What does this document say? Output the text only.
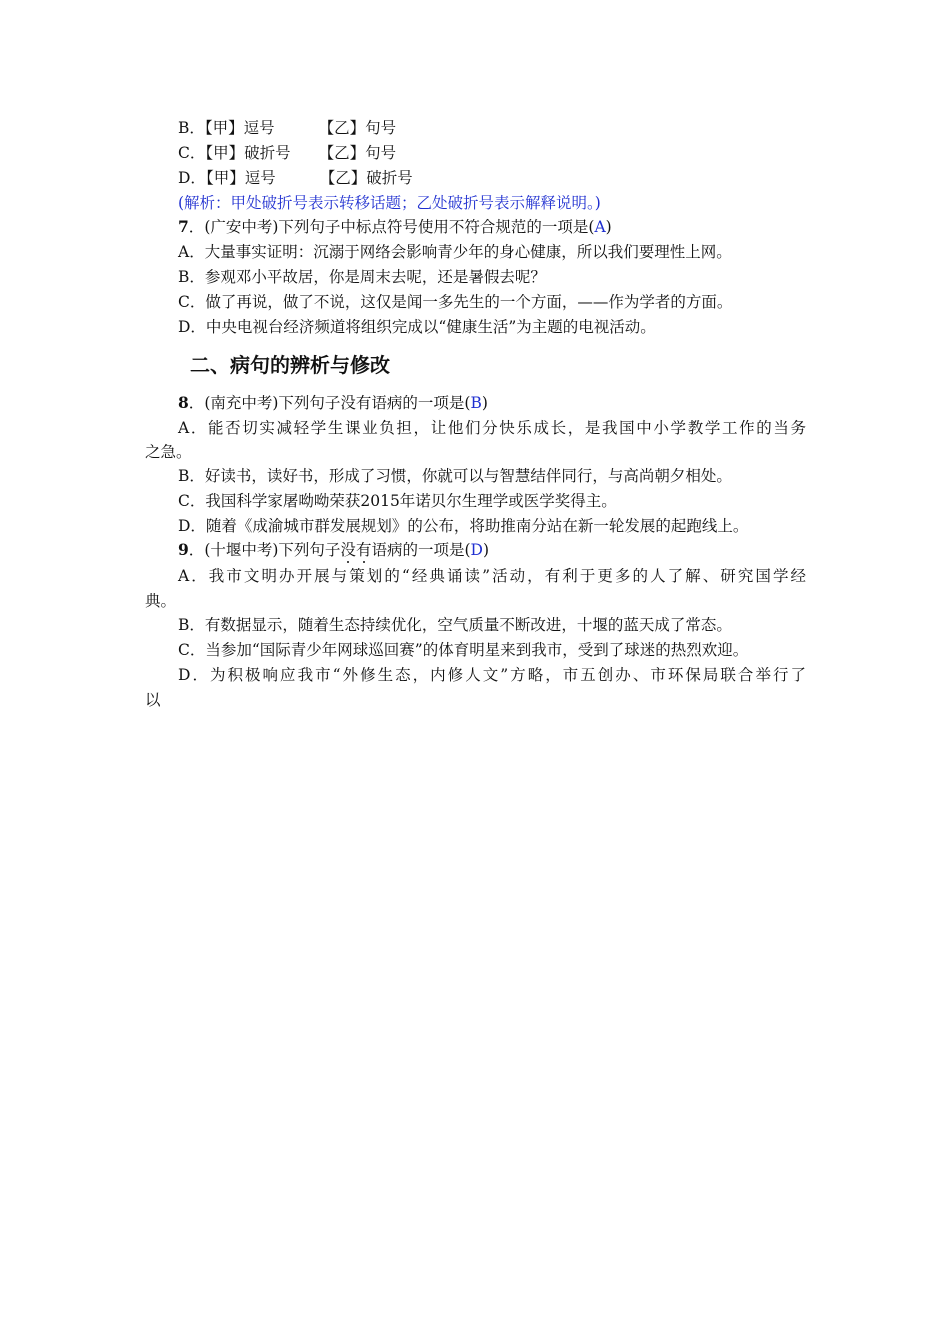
B．【甲】逗号	【乙】句号
C．【甲】破折号 【乙】句号
D．【甲】逗号	【乙】破折号
(解析：甲处破折号表示转移话题；乙处破折号表示解释说明。)
7．(广安中考)下列句子中标点符号使用不符合规范的一项是(A)
A．大量事实证明：沉溺于网络会影响青少年的身心健康，所以我们要理性上网。
B．参观邓小平故居，你是周末去呢，还是暑假去呢？
C．做了再说，做了不说，这仅是闻一多先生的一个方面，——作为学者的方面。
D．中央电视台经济频道将组织完成以“健康生活”为主题的电视活动。
二、病句的辨析与修改
8．(南充中考)下列句子没有语病的一项是(B)
A．能否切实减轻学生课业负担，让他们分快乐成长，是我国中小学教学工作的当务
之急。
B．好读书，读好书，形成了习惯，你就可以与智慧结伴同行，与高尚朝夕相处。
C．我国科学家屠呦呦荣获2015年诺贝尔生理学或医学奖得主。
D．随着《成渝城市群发展规划》的公布，将助推南分站在新一轮发展的起跑线上。
9．(十堰中考)下列句子没有语病的一项是(D)
A．我市文明办开展与策划的“经典诵读”活动，有利于更多的人了解、研究国学经
典。
B．有数据显示，随着生态持续优化，空气质量不断改进，十堰的蓝天成了常态。
C．当参加“国际青少年网球巡回赛”的体育明星来到我市，受到了球迷的热烈欢迎。
D．为积极响应我市“外修生态，内修人文”方略，市五创办、市环保局联合举行了
以
